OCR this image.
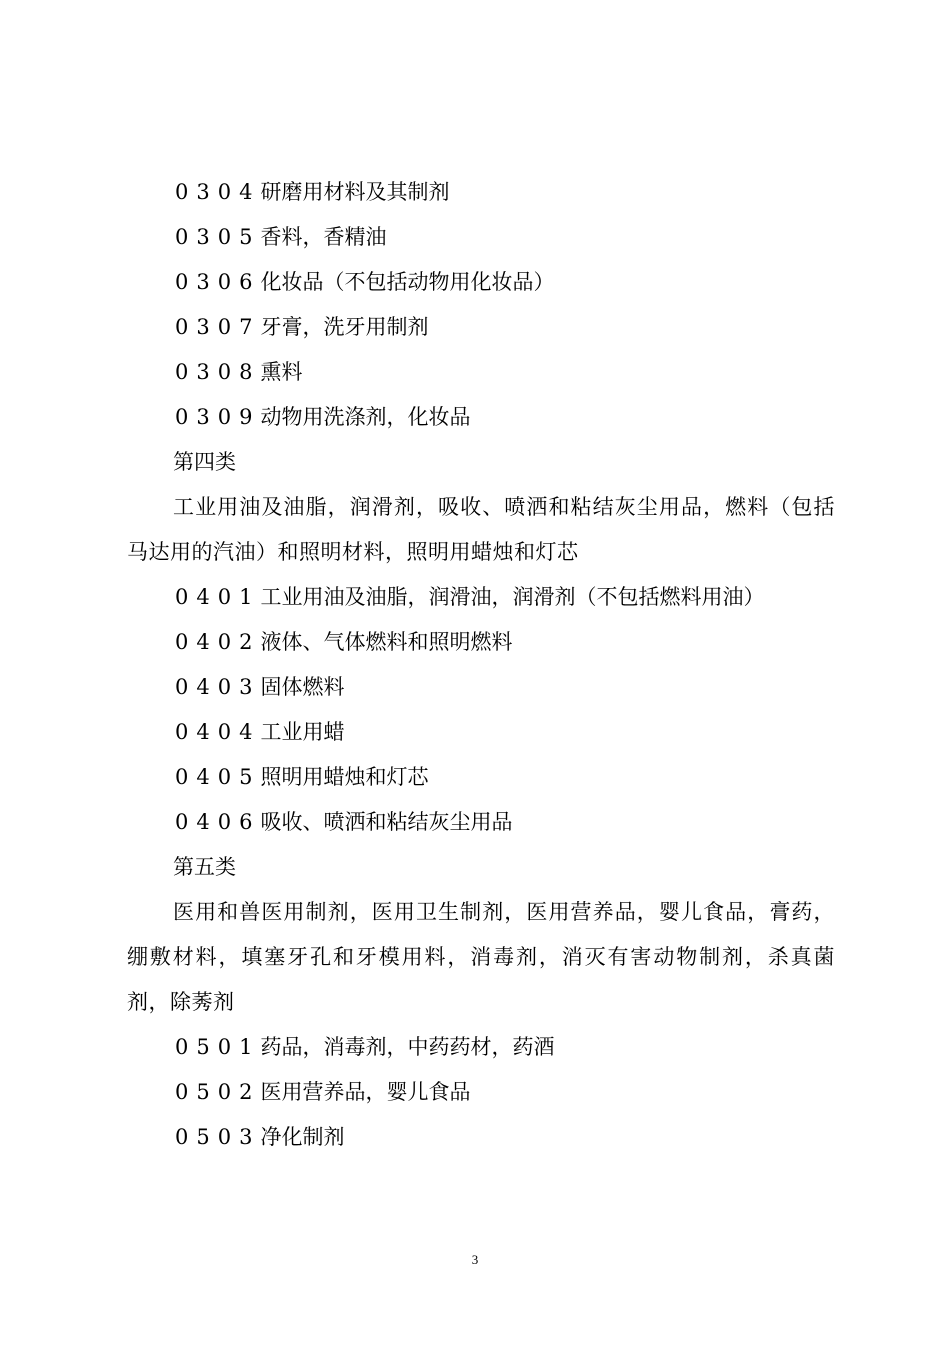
0304研磨用材料及其制剂
0305香料，香精油
0306化妆品（不包括动物用化妆品）
0307牙膏，洗牙用制剂
0308熏料
0309动物用洗涤剂，化妆品
第四类

工业用油及油脂，润滑剂，吸收、喷洒和粘结灰尘用品，燃料（包括马达用的汽油）和照明材料，照明用蜡烛和灯芯

0401工业用油及油脂，润滑油，润滑剂（不包括燃料用油）
0402液体、气体燃料和照明燃料
0403固体燃料
0404工业用蜡
0405照明用蜡烛和灯芯
0406吸收、喷洒和粘结灰尘用品
第五类

医用和兽医用制剂，医用卫生制剂，医用营养品，婴儿食品，膏药，绷敷材料，填塞牙孔和牙模用料，消毒剂，消灭有害动物制剂，杀真菌剂，除莠剂

0501药品，消毒剂，中药药材，药酒
0502医用营养品，婴儿食品
0503净化制剂
3
